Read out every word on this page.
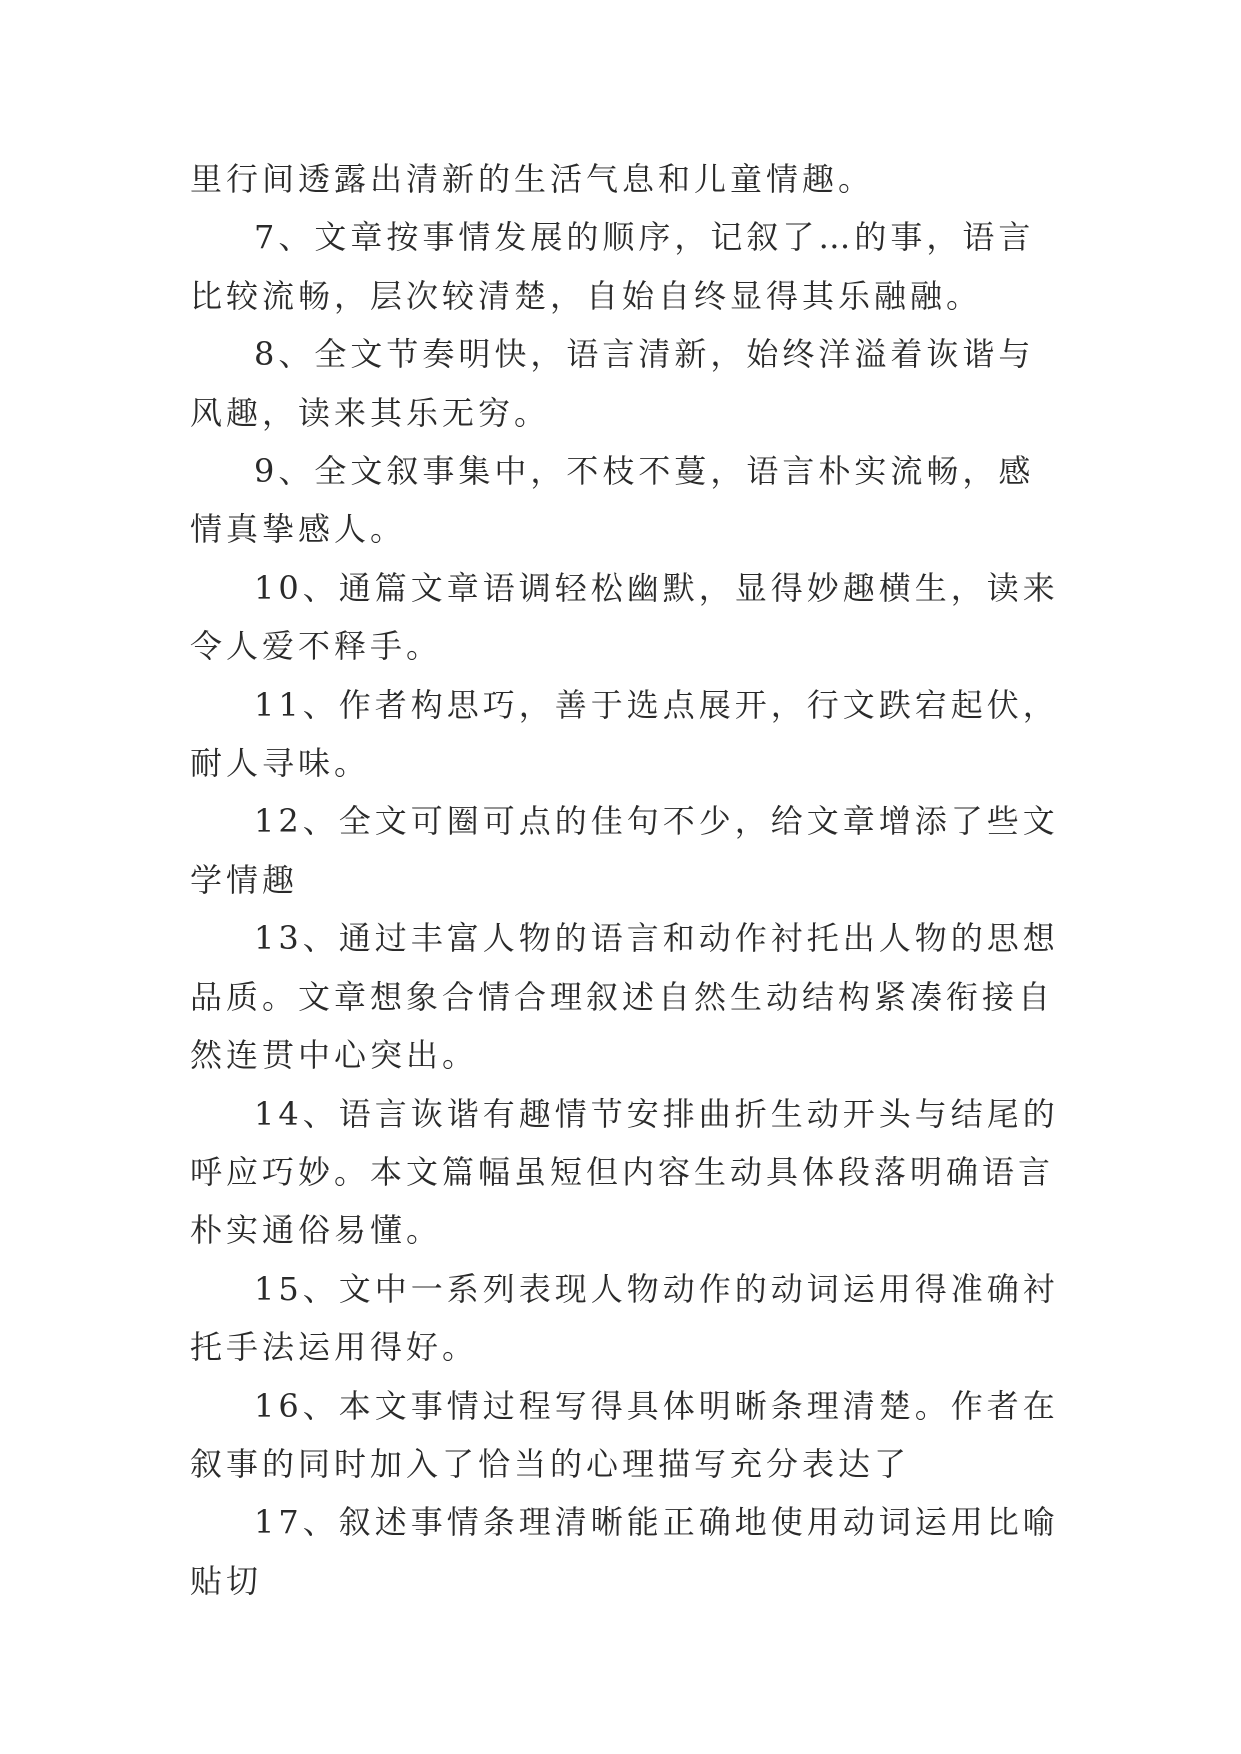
里行间透露出清新的生活气息和儿童情趣。

7、文章按事情发展的顺序，记叙了…的事，语言比较流畅，层次较清楚，自始自终显得其乐融融。

8、全文节奏明快，语言清新，始终洋溢着诙谐与风趣，读来其乐无穷。

9、全文叙事集中，不枝不蔓，语言朴实流畅，感情真挚感人。

10、通篇文章语调轻松幽默，显得妙趣横生，读来令人爱不释手。

11、作者构思巧，善于选点展开，行文跌宕起伏，耐人寻味。

12、全文可圈可点的佳句不少，给文章增添了些文学情趣

13、通过丰富人物的语言和动作衬托出人物的思想品质。文章想象合情合理叙述自然生动结构紧凑衔接自然连贯中心突出。

14、语言诙谐有趣情节安排曲折生动开头与结尾的呼应巧妙。本文篇幅虽短但内容生动具体段落明确语言朴实通俗易懂。

15、文中一系列表现人物动作的动词运用得准确衬托手法运用得好。

16、本文事情过程写得具体明晰条理清楚。作者在叙事的同时加入了恰当的心理描写充分表达了

17、叙述事情条理清晰能正确地使用动词运用比喻贴切
